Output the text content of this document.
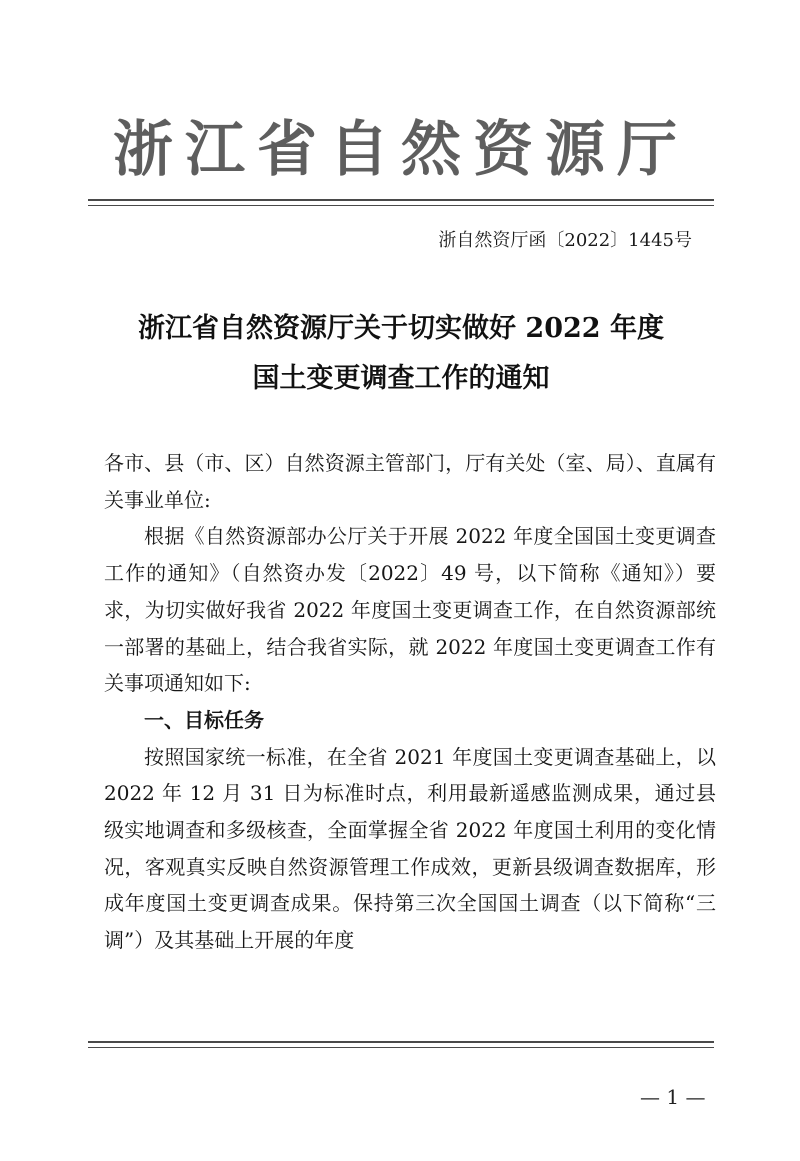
浙江省自然资源厅
浙自然资厅函〔2022〕1445号
浙江省自然资源厅关于切实做好 2022 年度
国土变更调查工作的通知

各市、县（市、区）自然资源主管部门，厅有关处（室、局）、直属有关事业单位:

根据《自然资源部办公厅关于开展 2022 年度全国国土变更调查工作的通知》（自然资办发〔2022〕49 号，以下简称《通知》）要求，为切实做好我省 2022 年度国土变更调查工作，在自然资源部统一部署的基础上，结合我省实际，就 2022 年度国土变更调查工作有关事项通知如下:

一、目标任务

按照国家统一标准，在全省 2021 年度国土变更调查基础上，以 2022 年 12 月 31 日为标准时点，利用最新遥感监测成果，通过县级实地调查和多级核查，全面掌握全省 2022 年度国土利用的变化情况，客观真实反映自然资源管理工作成效，更新县级调查数据库，形成年度国土变更调查成果。保持第三次全国国土调查（以下简称“三调”）及其基础上开展的年度

— 1 —
